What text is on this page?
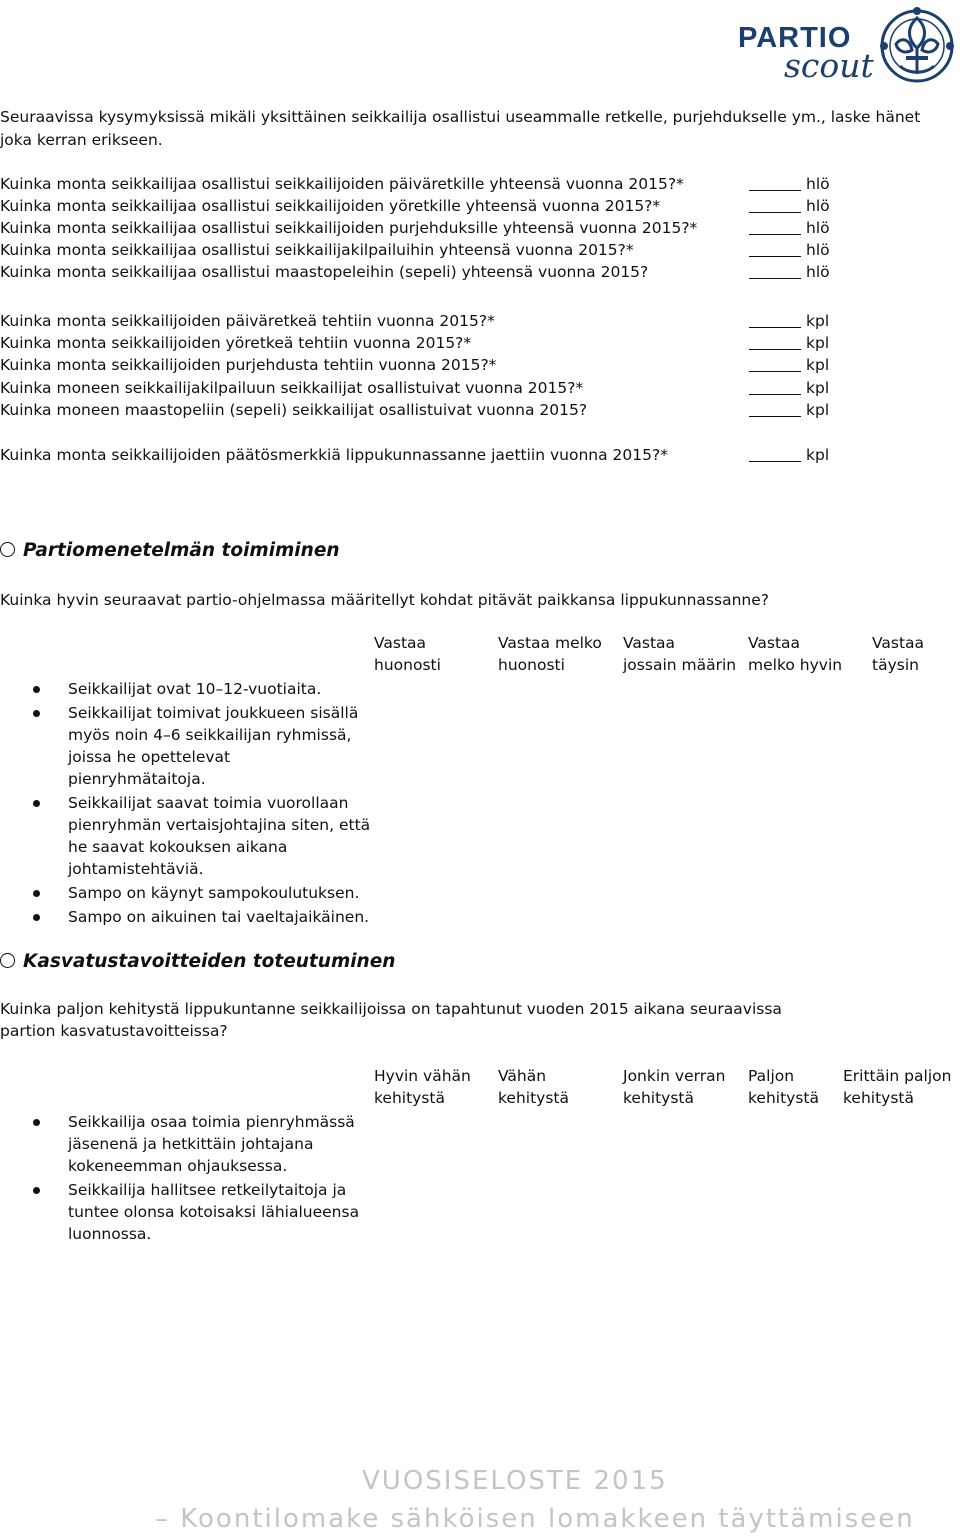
PARTIO
scout
Seuraavissa kysymyksissä mikäli yksittäinen seikkailija osallistui useammalle retkelle, purjehdukselle ym., laske hänet joka kerran erikseen.
Kuinka monta seikkailijaa osallistui seikkailijoiden päiväretkille yhteensä vuonna 2015?*	hlö
Kuinka monta seikkailijaa osallistui seikkailijoiden yöretkille yhteensä vuonna 2015?*	hlö
Kuinka monta seikkailijaa osallistui seikkailijoiden purjehduksille yhteensä vuonna 2015?*	hlö
Kuinka monta seikkailijaa osallistui seikkailijakilpailuihin yhteensä vuonna 2015?*	hlö
Kuinka monta seikkailijaa osallistui maastopeleihin (sepeli) yhteensä vuonna 2015?	hlö
Kuinka monta seikkailijoiden päiväretkeä tehtiin vuonna 2015?*	kpl
Kuinka monta seikkailijoiden yöretkeä tehtiin vuonna 2015?*	kpl
Kuinka monta seikkailijoiden purjehdusta tehtiin vuonna 2015?*	kpl
Kuinka moneen seikkailijakilpailuun seikkailijat osallistuivat vuonna 2015?*	kpl
Kuinka moneen maastopeliin (sepeli) seikkailijat osallistuivat vuonna 2015?	kpl
Kuinka monta seikkailijoiden päätösmerkkiä lippukunnassanne jaettiin vuonna 2015?*	kpl
Partiomenetelmän toimiminen
Kuinka hyvin seuraavat partio-ohjelmassa määritellyt kohdat pitävät paikkansa lippukunnassanne?
Vastaa
huonosti
Vastaa melko
huonosti
Vastaa
jossain määrin
Vastaa
melko hyvin
Vastaa
täysin
Seikkailijat ovat 10–12-vuotiaita.
Seikkailijat toimivat joukkueen sisällä myös noin 4–6 seikkailijan ryhmissä, joissa he opettelevat pienryhmätaitoja.
Seikkailijat saavat toimia vuorollaan pienryhmän vertaisjohtajina siten, että he saavat kokouksen aikana johtamistehtäviä.
Sampo on käynyt sampokoulutuksen.
Sampo on aikuinen tai vaeltajaikäinen.
Kasvatustavoitteiden toteutuminen
Kuinka paljon kehitystä lippukuntanne seikkailijoissa on tapahtunut vuoden 2015 aikana seuraavissa partion kasvatustavoitteissa?
Hyvin vähän
kehitystä
Vähän
kehitystä
Jonkin verran
kehitystä
Paljon
kehitystä
Erittäin paljon
kehitystä
Seikkailija osaa toimia pienryhmässä jäsenenä ja hetkittäin johtajana kokeneemman ohjauksessa.
Seikkailija hallitsee retkeilytaitoja ja tuntee olonsa kotoisaksi lähialueensa luonnossa.
VUOSISELOSTE 2015
– Koontilomake sähköisen lomakkeen täyttämiseen
